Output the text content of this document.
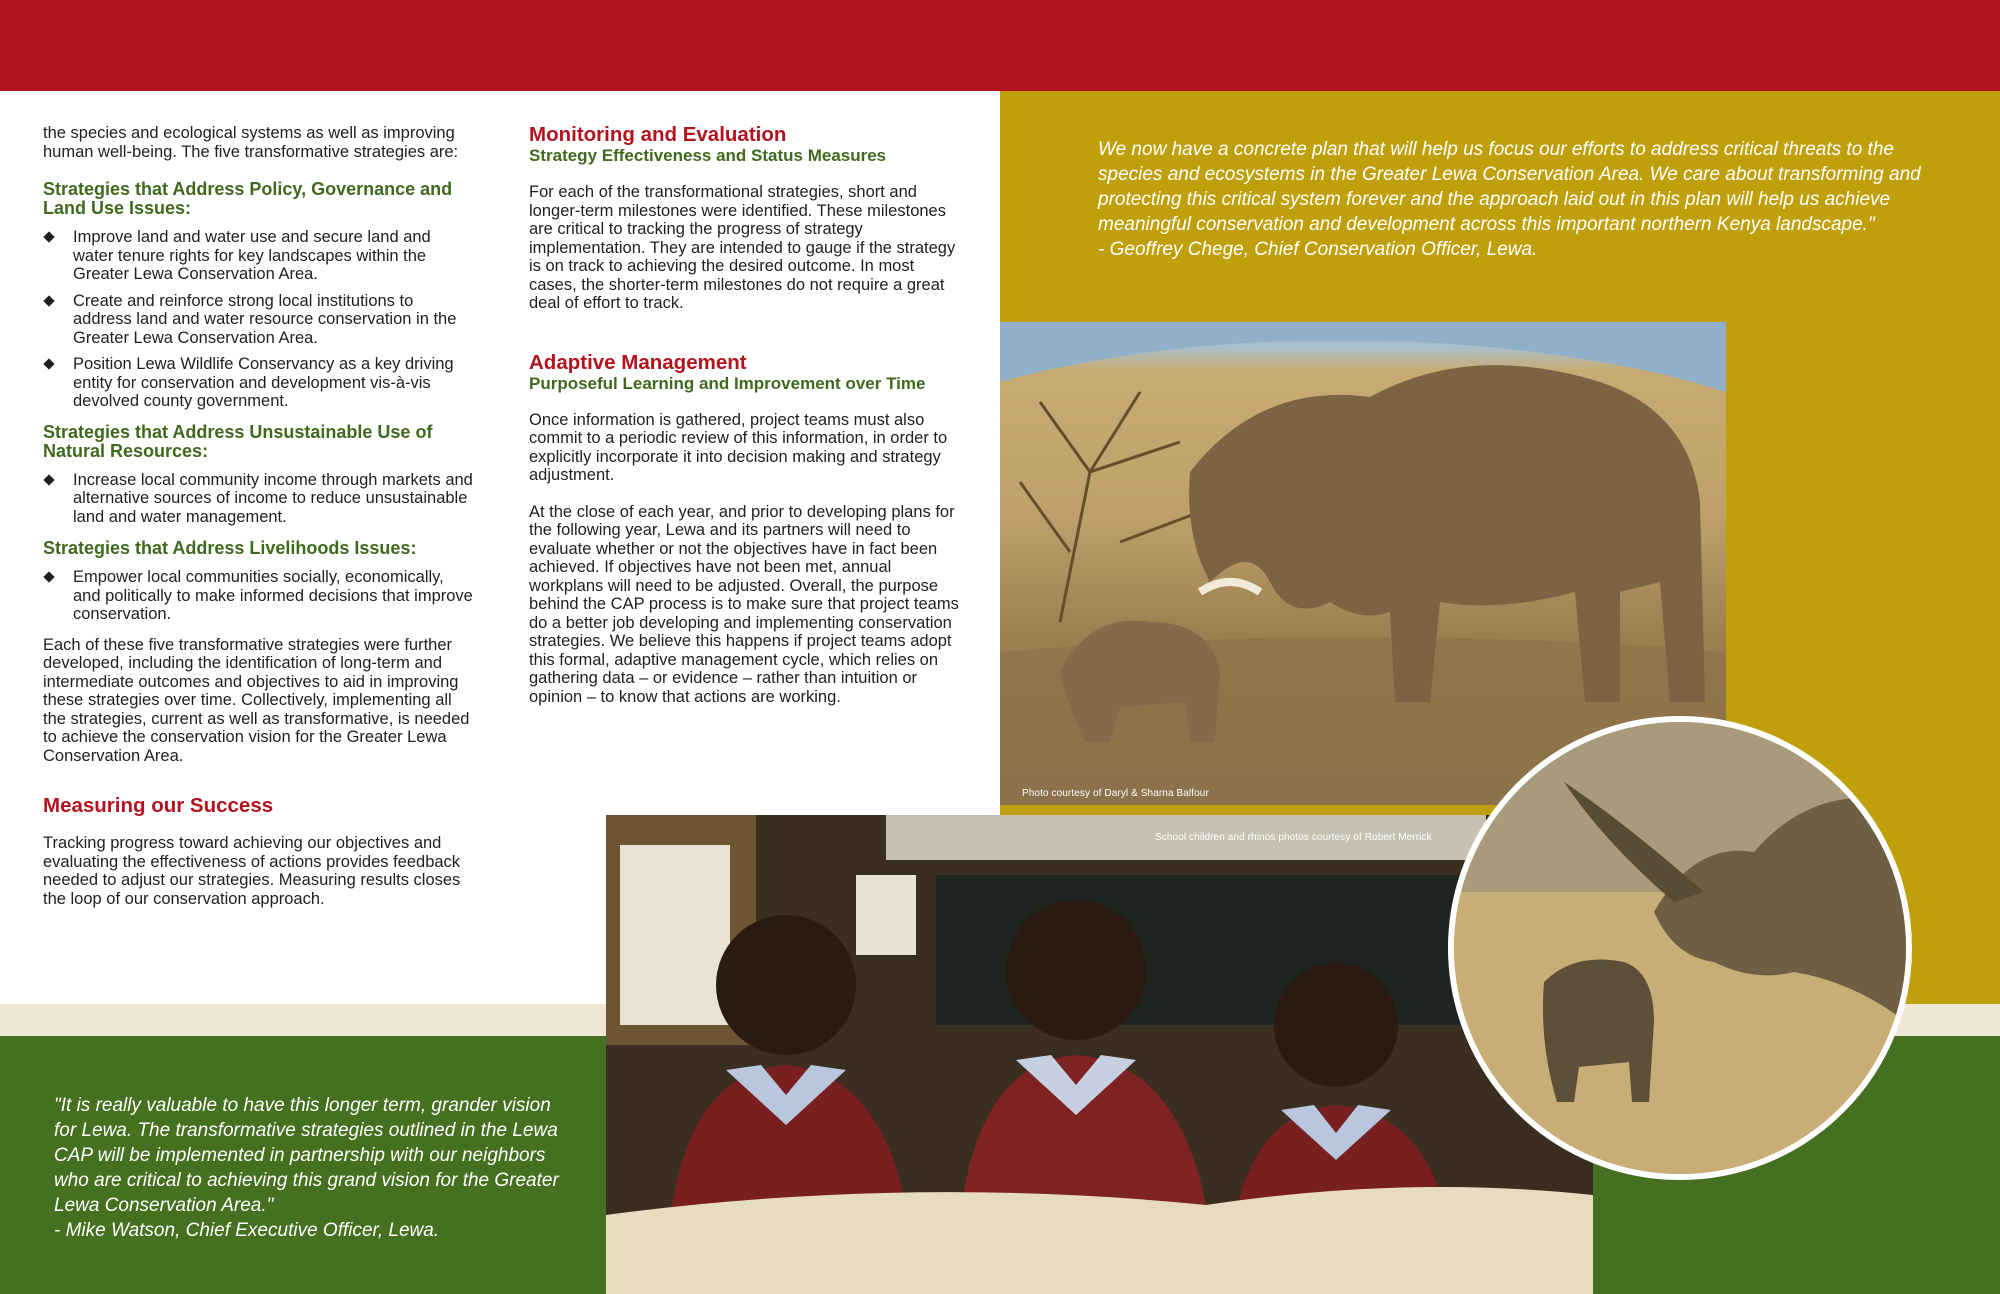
the species and ecological systems as well as improving human well-being. The five transformative strategies are:

Strategies that Address Policy, Governance and Land Use Issues:
Improve land and water use and secure land and water tenure rights for key landscapes within the Greater Lewa Conservation Area.
Create and reinforce strong local institutions to address land and water resource conservation in the Greater Lewa Conservation Area.
Position Lewa Wildlife Conservancy as a key driving entity for conservation and development vis-à-vis devolved county government.
Strategies that Address Unsustainable Use of Natural Resources:
Increase local community income through markets and alternative sources of income to reduce unsustainable land and water management.
Strategies that Address Livelihoods Issues:
Empower local communities socially, economically, and politically to make informed decisions that improve conservation.

Each of these five transformative strategies were further developed, including the identification of long-term and intermediate outcomes and objectives to aid in improving these strategies over time. Collectively, implementing all the strategies, current as well as transformative, is needed to achieve the conservation vision for the Greater Lewa Conservation Area.

Measuring our Success

Tracking progress toward achieving our objectives and evaluating the effectiveness of actions provides feedback needed to adjust our strategies. Measuring results closes the loop of our conservation approach.

Monitoring and Evaluation
Strategy Effectiveness and Status Measures

For each of the transformational strategies, short and longer-term milestones were identified. These milestones are critical to tracking the progress of strategy implementation. They are intended to gauge if the strategy is on track to achieving the desired outcome. In most cases, the shorter-term milestones do not require a great deal of effort to track.

Adaptive Management
Purposeful Learning and Improvement over Time

Once information is gathered, project teams must also commit to a periodic review of this information, in order to explicitly incorporate it into decision making and strategy adjustment.

At the close of each year, and prior to developing plans for the following year, Lewa and its partners will need to evaluate whether or not the objectives have in fact been achieved. If objectives have not been met, annual workplans will need to be adjusted. Overall, the purpose behind the CAP process is to make sure that project teams do a better job developing and implementing conservation strategies. We believe this happens if project teams adopt this formal, adaptive management cycle, which relies on gathering data – or evidence – rather than intuition or opinion – to know that actions are working.

We now have a concrete plan that will help us focus our efforts to address critical threats to the species and ecosystems in the Greater Lewa Conservation Area. We care about transforming and protecting this critical system forever and the approach laid out in this plan will help us achieve meaningful conservation and development across this important northern Kenya landscape."

- Geoffrey Chege, Chief Conservation Officer, Lewa.

Photo courtesy of Daryl & Sharna Balfour
School children and rhinos photos courtesy of Robert Merrick

"It is really valuable to have this longer term, grander vision for Lewa. The transformative strategies outlined in the Lewa CAP will be implemented in partnership with our neighbors who are critical to achieving this grand vision for the Greater Lewa Conservation Area."

- Mike Watson, Chief Executive Officer, Lewa.
